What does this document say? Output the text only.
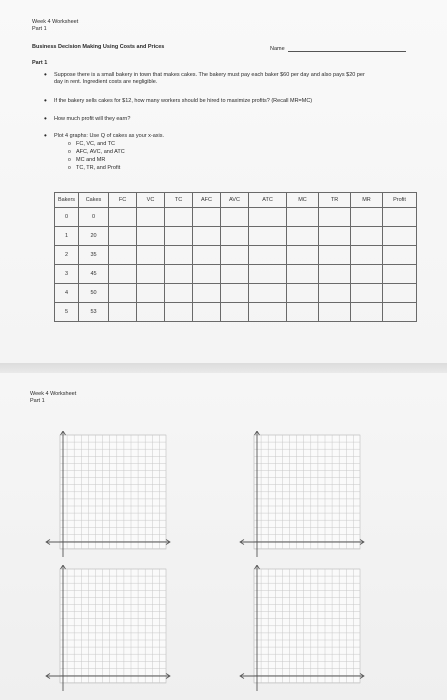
Week 4 Worksheet
Part 1
Business Decision Making Using Costs and Prices	Name
Part 1
• Suppose there is a small bakery in town that makes cakes. The bakery must pay each baker $60 per day and also pays $20 per
day in rent. Ingredient costs are negligible.
• If the bakery sells cakes for $12, how many workers should be hired to maximize profits? (Recall MR=MC)
• How much profit will they earn?
• Plot 4 graphs: Use Q of cakes as your x-axis.
o FC, VC, and TC
o AFC, AVC, and ATC
o MC and MR
o TC, TR, and Profit
Bakers	Cakes	FC	VC	TC	AFC	AVC	ATC	MC	TR	MR	Profit
0	0										
1	20										
2	35										
3	45										
4	50										
5	53										
Week 4 Worksheet
Part 1
